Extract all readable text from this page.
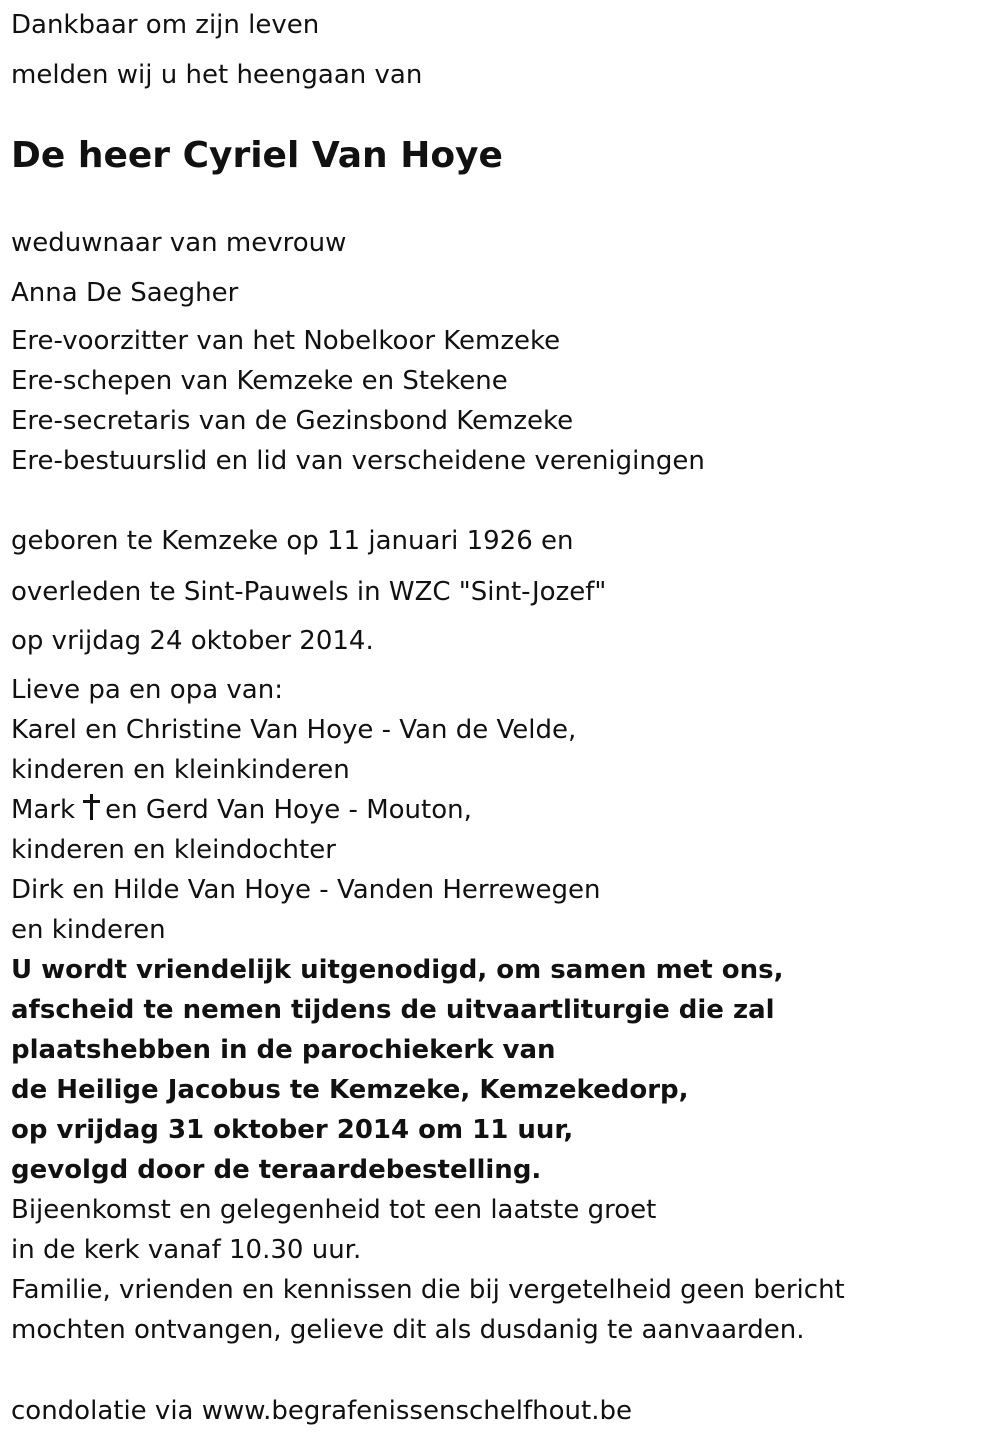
Dankbaar om zijn leven
melden wij u het heengaan van
De heer Cyriel Van Hoye
weduwnaar van mevrouw
Anna De Saegher
Ere-voorzitter van het Nobelkoor Kemzeke
Ere-schepen van Kemzeke en Stekene
Ere-secretaris van de Gezinsbond Kemzeke
Ere-bestuurslid en lid van verscheidene verenigingen
geboren te Kemzeke op 11 januari 1926 en
overleden te Sint-Pauwels in WZC "Sint-Jozef"
op vrijdag 24 oktober 2014.
Lieve pa en opa van:
Karel en Christine Van Hoye - Van de Velde,
kinderen en kleinkinderen
Mark en Gerd Van Hoye - Mouton,
kinderen en kleindochter
Dirk en Hilde Van Hoye - Vanden Herrewegen
en kinderen
U wordt vriendelijk uitgenodigd, om samen met ons,
afscheid te nemen tijdens de uitvaartliturgie die zal
plaatshebben in de parochiekerk van
de Heilige Jacobus te Kemzeke, Kemzekedorp,
op vrijdag 31 oktober 2014 om 11 uur,
gevolgd door de teraardebestelling.
Bijeenkomst en gelegenheid tot een laatste groet
in de kerk vanaf 10.30 uur.
Familie, vrienden en kennissen die bij vergetelheid geen bericht
mochten ontvangen, gelieve dit als dusdanig te aanvaarden.
condolatie via www.begrafenissenschelfhout.be
